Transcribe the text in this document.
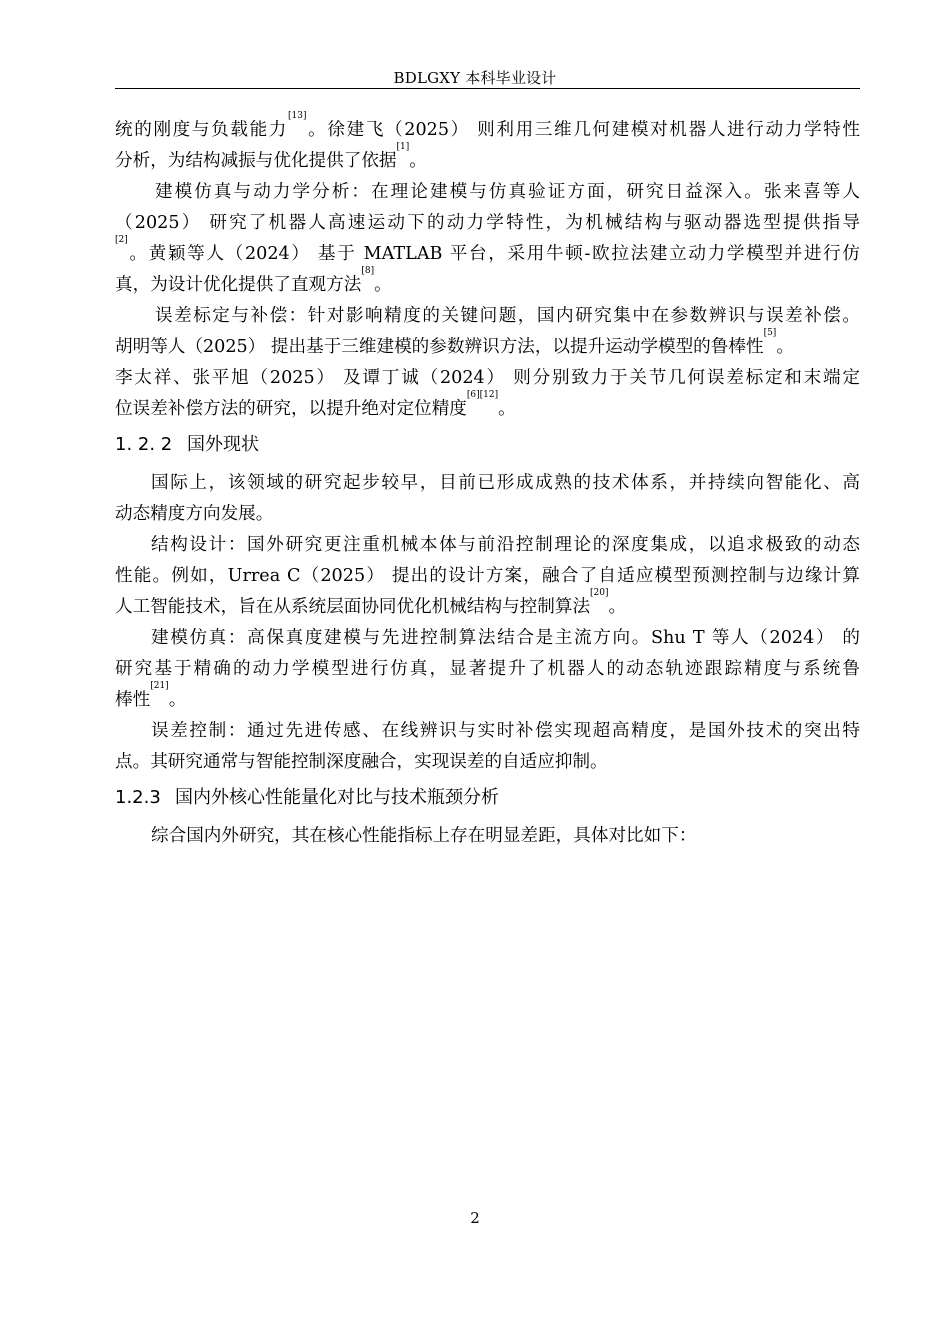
BDLGXY 本科毕业设计
统的刚度与负载能力[13]。徐建飞（2025） 则利用三维几何建模对机器人进行动力学特性
分析，为结构减振与优化提供了依据[1]。
建模仿真与动力学分析：在理论建模与仿真验证方面，研究日益深入。张来喜等人
（2025） 研究了机器人高速运动下的动力学特性，为机械结构与驱动器选型提供指导
[2]。黄颖等人（2024） 基于 MATLAB 平台，采用牛顿-欧拉法建立动力学模型并进行仿
真，为设计优化提供了直观方法[8]。
误差标定与补偿：针对影响精度的关键问题，国内研究集中在参数辨识与误差补偿。
胡明等人（2025） 提出基于三维建模的参数辨识方法，以提升运动学模型的鲁棒性[5]。
李太祥、张平旭（2025） 及谭丁诚（2024） 则分别致力于关节几何误差标定和末端定
位误差补偿方法的研究，以提升绝对定位精度[6][12]。
1. 2. 2 国外现状
国际上，该领域的研究起步较早，目前已形成成熟的技术体系，并持续向智能化、高
动态精度方向发展。
结构设计：国外研究更注重机械本体与前沿控制理论的深度集成，以追求极致的动态
性能。例如，Urrea C（2025） 提出的设计方案，融合了自适应模型预测控制与边缘计算
人工智能技术，旨在从系统层面协同优化机械结构与控制算法[20]。
建模仿真：高保真度建模与先进控制算法结合是主流方向。Shu T 等人（2024） 的
研究基于精确的动力学模型进行仿真，显著提升了机器人的动态轨迹跟踪精度与系统鲁
棒性[21]。
误差控制：通过先进传感、在线辨识与实时补偿实现超高精度，是国外技术的突出特
点。其研究通常与智能控制深度融合，实现误差的自适应抑制。
1.2.3 国内外核心性能量化对比与技术瓶颈分析
综合国内外研究，其在核心性能指标上存在明显差距，具体对比如下：
2
